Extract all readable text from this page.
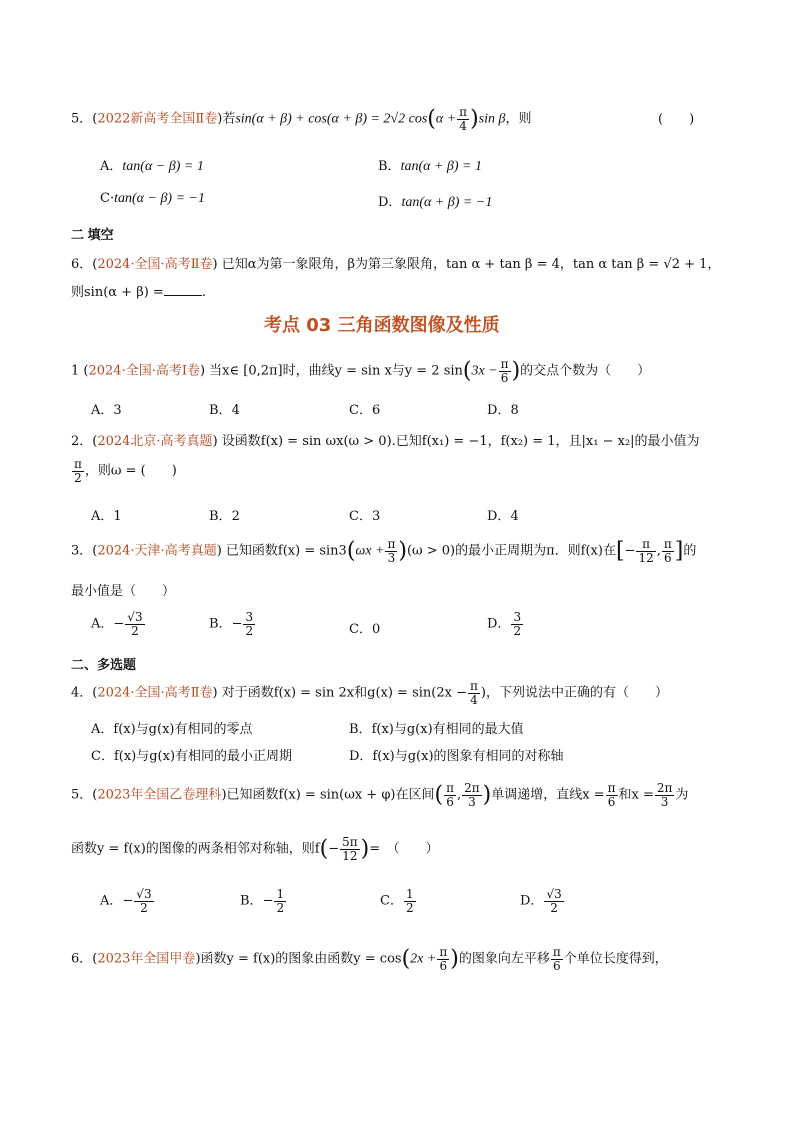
5．(2022新高考全国Ⅱ卷)若sin(α + β) + cos(α + β) = 2√2 $\cos(\alpha + \frac{\pi}{4} )\sin$ β，则	(　　)
A．tan(α − β) = 1	B．tan(α + β) = 1
C·tan(α − β) = −1	D．tan(α + β) = −1
二 填空
6．(2024·全国·高考Ⅱ卷) 已知α为第一象限角，β为第三象限角，tan α + tan β = 4，tan α tan β = √2 + 1，
则sin(α + β) =	.
考点 03 三角函数图像及性质
1 (2024·全国·高考Ⅰ卷) 当x∈ [0,2π]时，曲线y = sin x与y = 2 $\sin(3x - \frac{\pi}{6}$ )的交点个数为（　　）
A．3	B．4	C．6	D．8
2．(2024北京·高考真题) 设函数f(x) = sin ωx(ω > 0).已知f(x₁) = −1，f(x₂) = 1，且|x₁ − x₂|的最小值为
$\frac{\pi}{2}$ ，则ω = (　　)
A．1	B．2	C．3	D．4
3．(2024·天津·高考真题) 已知函数$f(x) = \sin 3(\omega x + \frac{\pi}{3} )(\omega > 0)$的最小正周期为π．则f(x)在[− $\frac{\pi}{12}$ , $\frac{\pi}{6}$ ]的
最小值是（　　）
A．− $\frac{√3}{2}$	B．− $\frac{3}{2}$	C．0	D． $\frac{3}{2}$
二、多选题
4．(2024·全国·高考Ⅱ卷) 对于函数f(x) = sin 2x和$g(x) = \sin(2x - \frac{\pi}{4}$ )，下列说法中正确的有（　　）
A．f(x)与g(x)有相同的零点	B．f(x)与g(x)有相同的最大值
C．f(x)与g(x)有相同的最小正周期	D．f(x)与g(x)的图象有相同的对称轴
5．(2023年全国乙卷理科)已知函数f(x) = sin(ωx + φ)在区间( $\frac{\pi}{6}$ , $\frac{2\pi}{3}$ )单调递增，直线$x = \frac{\pi}{6}$ 和$x = \frac{2\pi}{3}$ 为
函数y = f(x)的图像的两条相邻对称轴，则$f(- \frac{5\pi}{12}$ )=　（　　）
A．− $\frac{√3}{2}$	B．− $\frac{1}{2}$	C． $\frac{1}{2}$	D． $\frac{√3}{2}$
6．(2023年全国甲卷)函数y = f(x)的图象由函数$y = \cos(2x + \frac{\pi}{6}$ )的图象向左平移 $\frac{\pi}{6}$ 个单位长度得到，
